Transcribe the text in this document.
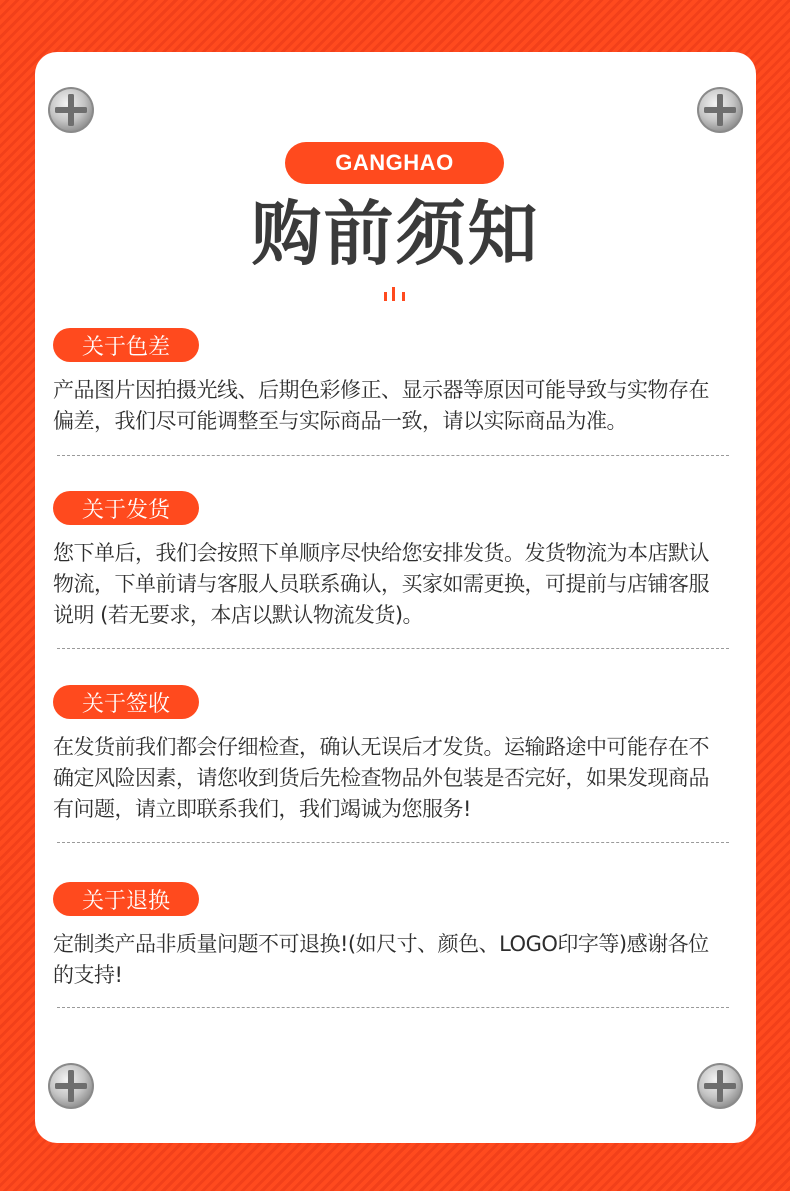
GANGHAO
购前须知
关于色差
产品图片因拍摄光线、后期色彩修正、显示器等原因可能导致与实物存在偏差，我们尽可能调整至与实际商品一致，请以实际商品为准。
关于发货
您下单后，我们会按照下单顺序尽快给您安排发货。发货物流为本店默认物流，下单前请与客服人员联系确认，买家如需更换，可提前与店铺客服说明 (若无要求，本店以默认物流发货)。
关于签收
在发货前我们都会仔细检查，确认无误后才发货。运输路途中可能存在不确定风险因素，请您收到货后先检查物品外包装是否完好，如果发现商品有问题，请立即联系我们，我们竭诚为您服务!
关于退换
定制类产品非质量问题不可退换!(如尺寸、颜色、LOGO印字等)感谢各位的支持!
